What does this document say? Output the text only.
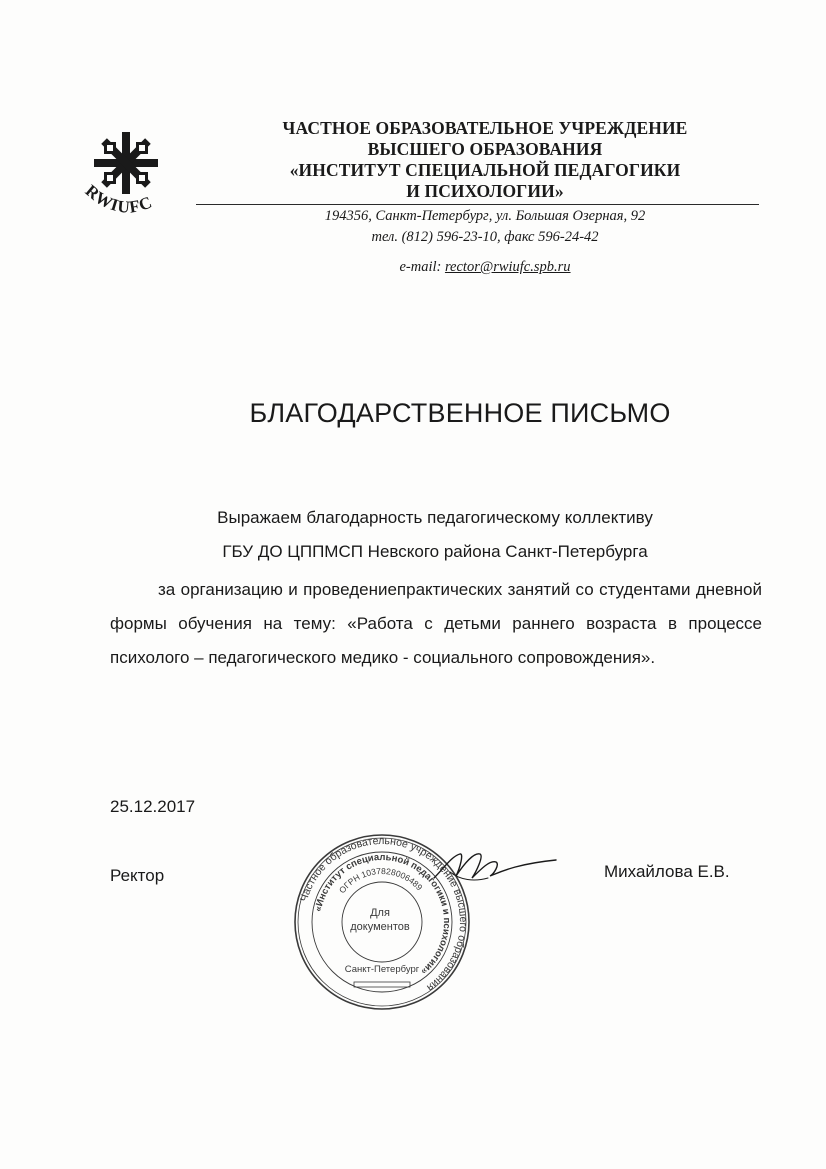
RWIUFC
ЧАСТНОЕ ОБРАЗОВАТЕЛЬНОЕ УЧРЕЖДЕНИЕ
ВЫСШЕГО ОБРАЗОВАНИЯ
«ИНСТИТУТ СПЕЦИАЛЬНОЙ ПЕДАГОГИКИ
И ПСИХОЛОГИИ»
194356, Санкт-Петербург, ул. Большая Озерная, 92
тел. (812) 596-23-10, факс 596-24-42
e-mail: rector@rwiufc.spb.ru
БЛАГОДАРСТВЕННОЕ ПИСЬМО
Выражаем благодарность педагогическому коллективу
ГБУ ДО ЦППМСП Невского района Санкт-Петербурга
за организацию и проведениепрактических занятий со студентами дневной формы обучения на тему: «Работа с детьми раннего возраста в процессе психолого – педагогического медико - социального сопровождения».
25.12.2017
Ректор	Михайлова Е.В.
Частное образовательное учреждение высшего образования
«Институт специальной педагогики и психологии»
ОГРН 1037828006489
Для
документов
Санкт-Петербург
